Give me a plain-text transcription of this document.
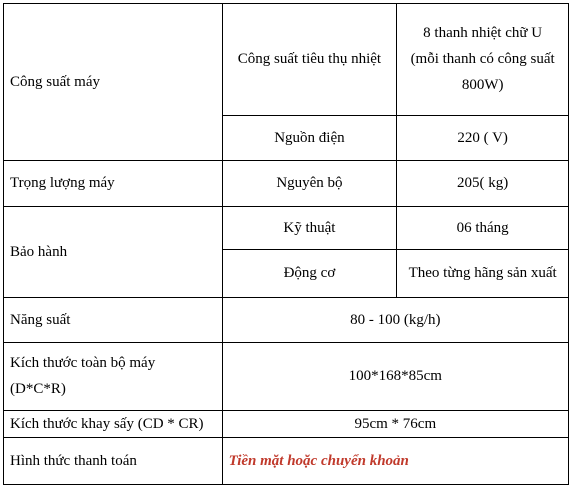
Công suất máy	Công suất tiêu thụ nhiệt	8 thanh nhiệt chữ U
(mỗi thanh có công suất
800W)

	Nguồn điện	220 ( V)
Trọng lượng máy	Nguyên bộ	205( kg)
Bảo hành	Kỹ thuật	06 tháng
	Động cơ	Theo từng hãng sản xuất
Năng suất	80 - 100 (kg/h)	

Kích thước toàn bộ máy
(D*C*R)	100*168*85cm	
Kích thước khay sấy (CD * CR)	95cm * 76cm	
Hình thức thanh toán	Tiền mặt hoặc chuyển khoản	
